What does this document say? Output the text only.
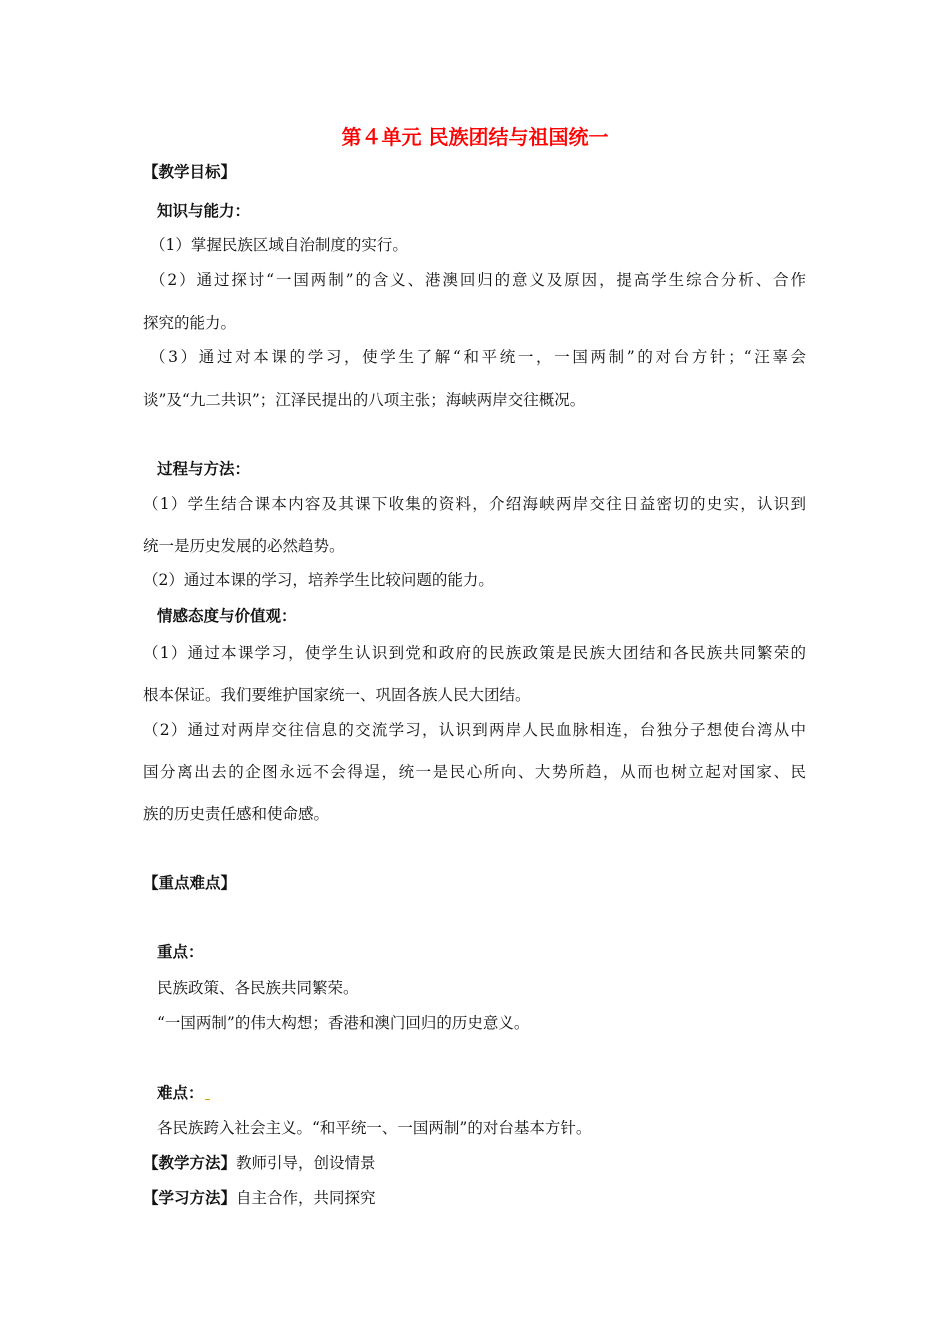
第４单元 民族团结与祖国统一
【教学目标】
知识与能力：
（1）掌握民族区域自治制度的实行。
（2）通过探讨“一国两制”的含义、港澳回归的意义及原因，提高学生综合分析、合作
探究的能力。
（3）通过对本课的学习，使学生了解“和平统一，一国两制”的对台方针；“汪辜会
谈”及“九二共识”；江泽民提出的八项主张；海峡两岸交往概况。
过程与方法：
（1）学生结合课本内容及其课下收集的资料，介绍海峡两岸交往日益密切的史实，认识到
统一是历史发展的必然趋势。
（2）通过本课的学习，培养学生比较问题的能力。
情感态度与价值观：
（1）通过本课学习，使学生认识到党和政府的民族政策是民族大团结和各民族共同繁荣的
根本保证。我们要维护国家统一、巩固各族人民大团结。
（2）通过对两岸交往信息的交流学习，认识到两岸人民血脉相连，台独分子想使台湾从中
国分离出去的企图永远不会得逞，统一是民心所向、大势所趋，从而也树立起对国家、民
族的历史责任感和使命感。
【重点难点】
重点：
民族政策、各民族共同繁荣。
“一国两制”的伟大构想；香港和澳门回归的历史意义。
难点：
各民族跨入社会主义。“和平统一、一国两制”的对台基本方针。
【教学方法】教师引导，创设情景
【学习方法】自主合作，共同探究
